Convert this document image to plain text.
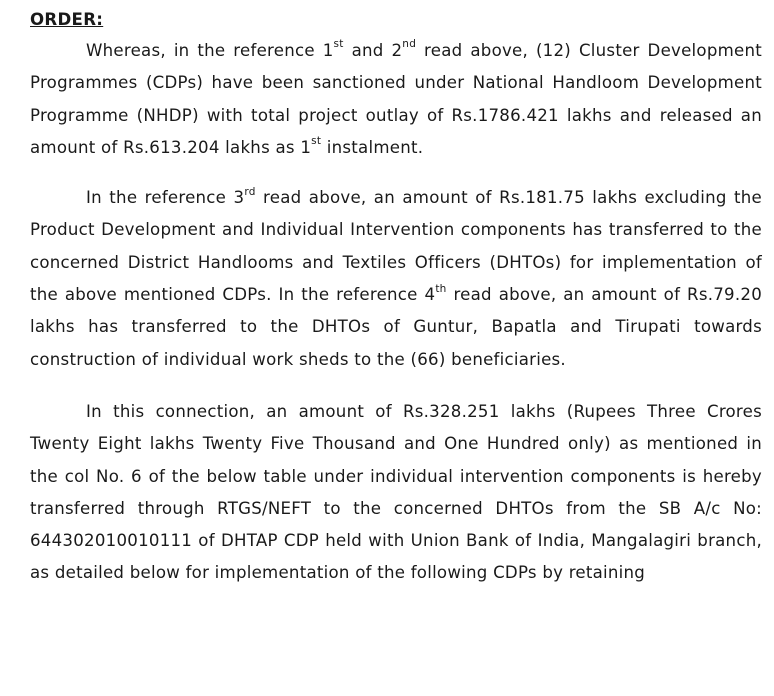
ORDER:

Whereas, in the reference 1st and 2nd read above, (12) Cluster Development Programmes (CDPs) have been sanctioned under National Handloom Development Programme (NHDP) with total project outlay of Rs.1786.421 lakhs and released an amount of Rs.613.204 lakhs as 1st instalment.

In the reference 3rd read above, an amount of Rs.181.75 lakhs excluding the Product Development and Individual Intervention components has transferred to the concerned District Handlooms and Textiles Officers (DHTOs) for implementation of the above mentioned CDPs. In the reference 4th read above, an amount of Rs.79.20 lakhs has transferred to the DHTOs of Guntur, Bapatla and Tirupati towards construction of individual work sheds to the (66) beneficiaries.

In this connection, an amount of Rs.328.251 lakhs (Rupees Three Crores Twenty Eight lakhs Twenty Five Thousand and One Hundred only) as mentioned in the col No. 6 of the below table under individual intervention components is hereby transferred through RTGS/NEFT to the concerned DHTOs from the SB A/c No: 644302010010111 of DHTAP CDP held with Union Bank of India, Mangalagiri branch, as detailed below for implementation of the following CDPs by retaining
